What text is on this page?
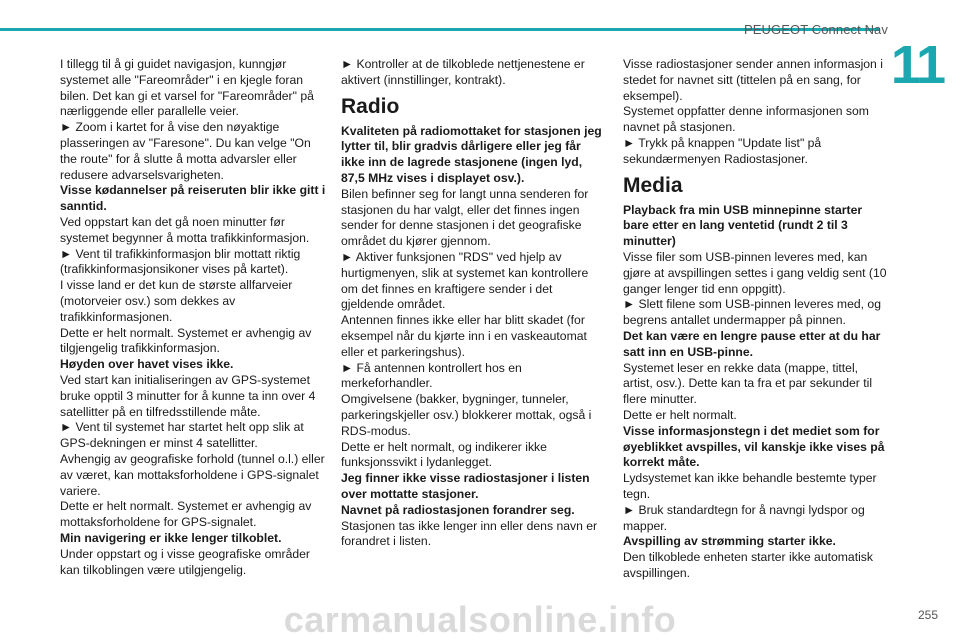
PEUGEOT Connect Nav
11

I tillegg til å gi guidet navigasjon, kunngjør systemet alle "Fareområder" i en kjegle foran bilen. Det kan gi et varsel for "Fareområder" på nærliggende eller parallelle veier.

► Zoom i kartet for å vise den nøyaktige plasseringen av "Faresone". Du kan velge "On the route" for å slutte å motta advarsler eller redusere advarselsvarigheten.

Visse kødannelser på reiseruten blir ikke gitt i sanntid.

Ved oppstart kan det gå noen minutter før systemet begynner å motta trafikkinformasjon.

► Vent til trafikkinformasjon blir mottatt riktig (trafikkinformasjonsikoner vises på kartet).

I visse land er det kun de største allfarveier (motorveier osv.) som dekkes av trafikkinformasjonen.

Dette er helt normalt. Systemet er avhengig av tilgjengelig trafikkinformasjon.

Høyden over havet vises ikke.

Ved start kan initialiseringen av GPS-systemet bruke opptil 3 minutter for å kunne ta inn over 4 satellitter på en tilfredsstillende måte.

► Vent til systemet har startet helt opp slik at GPS-dekningen er minst 4 satellitter.

Avhengig av geografiske forhold (tunnel o.l.) eller av været, kan mottaksforholdene i GPS-signalet variere.

Dette er helt normalt. Systemet er avhengig av mottaksforholdene for GPS-signalet.

Min navigering er ikke lenger tilkoblet.

Under oppstart og i visse geografiske områder kan tilkoblingen være utilgjengelig.

► Kontroller at de tilkoblede nettjenestene er aktivert (innstillinger, kontrakt).

Radio

Kvaliteten på radiomottaket for stasjonen jeg lytter til, blir gradvis dårligere eller jeg får ikke inn de lagrede stasjonene (ingen lyd, 87,5 MHz vises i displayet osv.).

Bilen befinner seg for langt unna senderen for stasjonen du har valgt, eller det finnes ingen sender for denne stasjonen i det geografiske området du kjører gjennom.

► Aktiver funksjonen "RDS" ved hjelp av hurtigmenyen, slik at systemet kan kontrollere om det finnes en kraftigere sender i det gjeldende området.

Antennen finnes ikke eller har blitt skadet (for eksempel når du kjørte inn i en vaskeautomat eller et parkeringshus).

► Få antennen kontrollert hos en merkeforhandler.

Omgivelsene (bakker, bygninger, tunneler, parkeringskjeller osv.) blokkerer mottak, også i RDS-modus.

Dette er helt normalt, og indikerer ikke funksjonssvikt i lydanlegget.

Jeg finner ikke visse radiostasjoner i listen over mottatte stasjoner.

Navnet på radiostasjonen forandrer seg.

Stasjonen tas ikke lenger inn eller dens navn er forandret i listen.

Visse radiostasjoner sender annen informasjon i stedet for navnet sitt (tittelen på en sang, for eksempel).

Systemet oppfatter denne informasjonen som navnet på stasjonen.

► Trykk på knappen "Update list" på sekundærmenyen Radiostasjoner.

Media

Playback fra min USB minnepinne starter bare etter en lang ventetid (rundt 2 til 3 minutter)

Visse filer som USB-pinnen leveres med, kan gjøre at avspillingen settes i gang veldig sent (10 ganger lenger tid enn oppgitt).

► Slett filene som USB-pinnen leveres med, og begrens antallet undermapper på pinnen.

Det kan være en lengre pause etter at du har satt inn en USB-pinne.

Systemet leser en rekke data (mappe, tittel, artist, osv.). Dette kan ta fra et par sekunder til flere minutter.

Dette er helt normalt.

Visse informasjonstegn i det mediet som for øyeblikket avspilles, vil kanskje ikke vises på korrekt måte.

Lydsystemet kan ikke behandle bestemte typer tegn.

► Bruk standardtegn for å navngi lydspor og mapper.

Avspilling av strømming starter ikke.

Den tilkoblede enheten starter ikke automatisk avspillingen.

255
carmanualsonline.info
